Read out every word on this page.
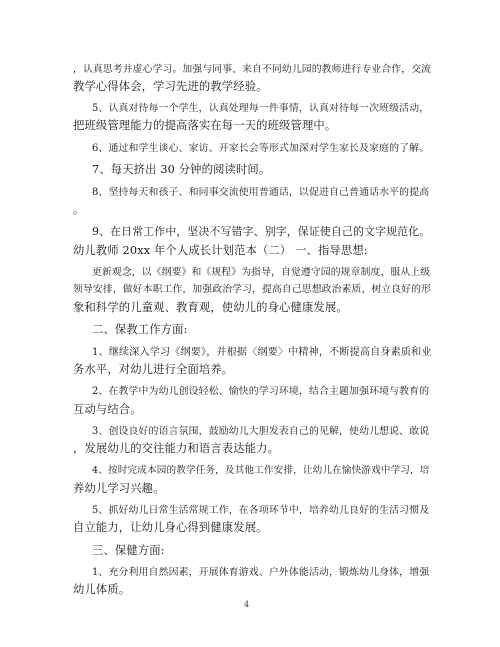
，认真思考并虚心学习。加强与同事、来自不同幼儿园的教师进行专业合作，交流
教学心得体会，学习先进的教学经验。
5、认真对待每一个学生，认真处理每一件事情，认真对待每一次班级活动，
把班级管理能力的提高落实在每一天的班级管理中。
6、通过和学生谈心、家访、开家长会等形式加深对学生家长及家庭的了解。
7、每天挤出 30 分钟的阅读时间。
8、坚持每天和孩子、和同事交流使用普通话，以促进自己普通话水平的提高
。
9、在日常工作中，坚决不写错字、别字，保证使自己的文字规范化。
幼儿教师 20xx 年个人成长计划范本（二） 一、指导思想:
更新观念，以《纲要》和《规程》为指导，自觉遵守园的规章制度，服从上级
领导安排，做好本职工作，加强政治学习，提高自己思想政治素质，树立良好的形
象和科学的儿童观、教育观，使幼儿的身心健康发展。
二、保教工作方面:
1、继续深入学习《纲要》，并根据〈纲要〉中精神，不断提高自身素质和业
务水平，对幼儿进行全面培养。
2、在教学中为幼儿创设轻松、愉快的学习环境，结合主题加强环境与教育的
互动与结合。
3、创设良好的语言氛围，鼓励幼儿大胆发表自己的见解，使幼儿想说、敢说
，发展幼儿的交往能力和语言表达能力。
4、按时完成本园的教学任务，及其他工作安排，让幼儿在愉快游戏中学习，培
养幼儿学习兴趣。
5、抓好幼儿日常生活常规工作，在各项环节中，培养幼儿良好的生活习惯及
自立能力，让幼儿身心得到健康发展。
三、保健方面:
1、充分利用自然因素，开展体育游戏、户外体能活动，锻炼幼儿身体，增强
幼儿体质。
4
